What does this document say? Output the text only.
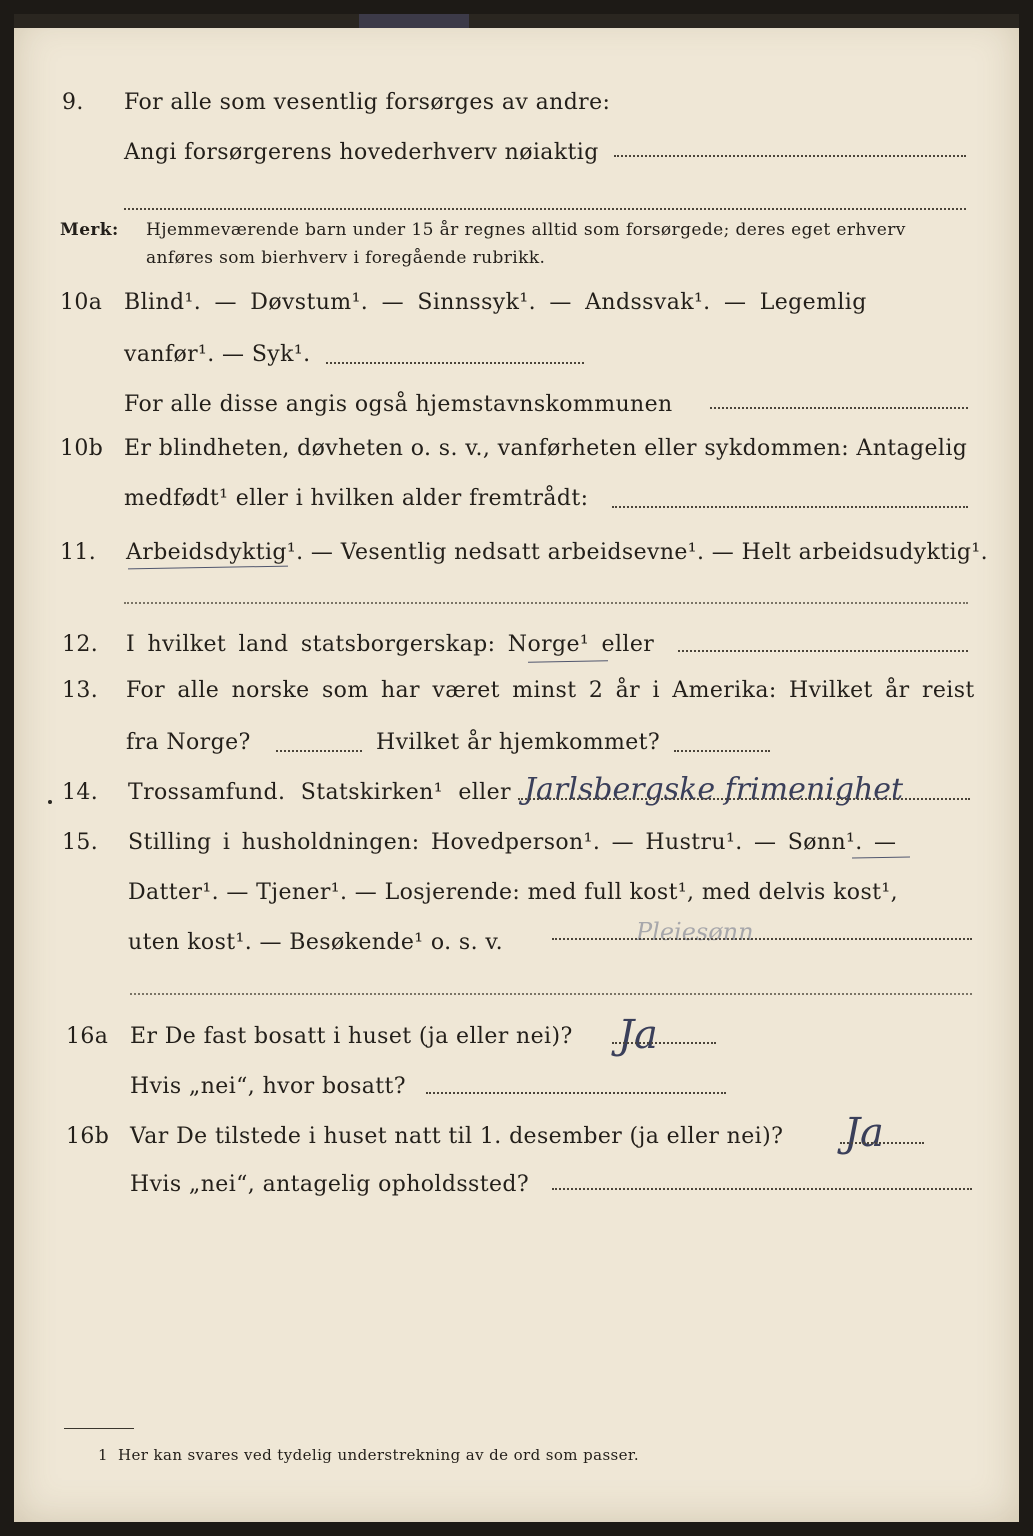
9.	For alle som vesentlig forsørges av andre:
Angi forsørgerens hovederhverv nøiaktig
Merk: Hjemmeværende barn under 15 år regnes alltid som forsørgede; deres eget erhverv
anføres som bierhverv i foregående rubrikk.
10a Blind¹. — Døvstum¹. — Sinnssyk¹. — Andssvak¹. — Legemlig
vanfør¹. — Syk¹.
For alle disse angis også hjemstavnskommunen
10b Er blindheten, døvheten o. s. v., vanførheten eller sykdommen: Antagelig
medfødt¹ eller i hvilken alder fremtrådt:
11.	Arbeidsdyktig¹. — Vesentlig nedsatt arbeidsevne¹. — Helt arbeidsudyktig¹.
12.	I hvilket land statsborgerskap: Norge¹ eller
13.	For alle norske som har været minst 2 år i Amerika: Hvilket år reist
fra Norge?	Hvilket år hjemkommet?
14.	Trossamfund. Statskirken¹ eller Jarlsbergske frimenighet
15.	Stilling i husholdningen: Hovedperson¹. — Hustru¹. — Sønn¹. —
Datter¹. — Tjener¹. — Losjerende: med full kost¹, med delvis kost¹,
uten kost¹. — Besøkende¹ o. s. v.	Pleiesønn
16a Er De fast bosatt i huset (ja eller nei)? Ja
Hvis „nei“, hvor bosatt?
16b Var De tilstede i huset natt til 1. desember (ja eller nei)? Ja
Hvis „nei“, antagelig opholdssted?
1 Her kan svares ved tydelig understrekning av de ord som passer.
